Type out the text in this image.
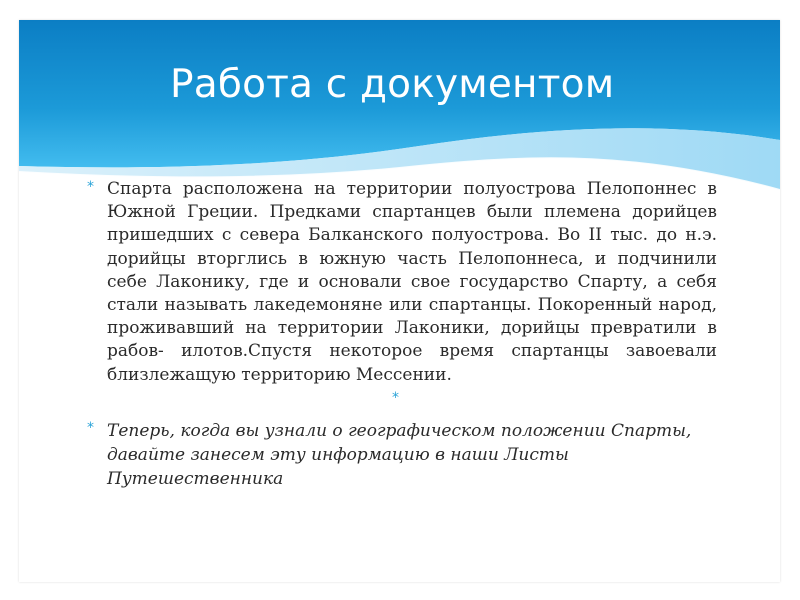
Работа с документом
* Спарта расположена на территории полуострова Пелопоннес в Южной Греции. Предками спартанцев были племена дорийцев пришедших с севера Балканского полуострова. Во II тыс. до н.э. дорийцы вторглись в южную часть Пелопоннеса, и подчинили себе Лаконику, где и основали свое государство Спарту, а себя стали называть лакедемоняне или спартанцы. Покоренный народ, проживавший на территории Лаконики, дорийцы превратили в рабов- илотов.Спустя некоторое время спартанцы завоевали близлежащую территорию Мессении.
*
* Теперь, когда вы узнали о географическом положении Спарты, давайте занесем эту информацию в наши Листы Путешественника
